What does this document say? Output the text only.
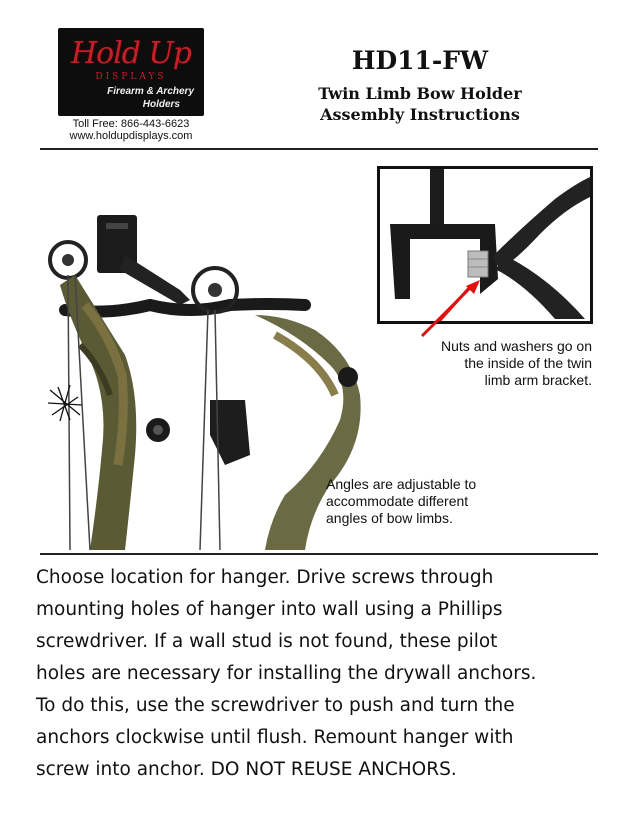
Hold Up
DISPLAYS
Firearm & Archery
Holders
Toll Free: 866-443-6623
www.holdupdisplays.com
HD11-FW
Twin Limb Bow Holder
Assembly Instructions
Nuts and washers go on
the inside of the twin
limb arm bracket.
Angles are adjustable to
accommodate different
angles of bow limbs.
Choose location for hanger. Drive screws through
mounting holes of hanger into wall using a Phillips
screwdriver. If a wall stud is not found, these pilot
holes are necessary for installing the drywall anchors.
To do this, use the screwdriver to push and turn the
anchors clockwise until flush. Remount hanger with
screw into anchor. DO NOT REUSE ANCHORS.
